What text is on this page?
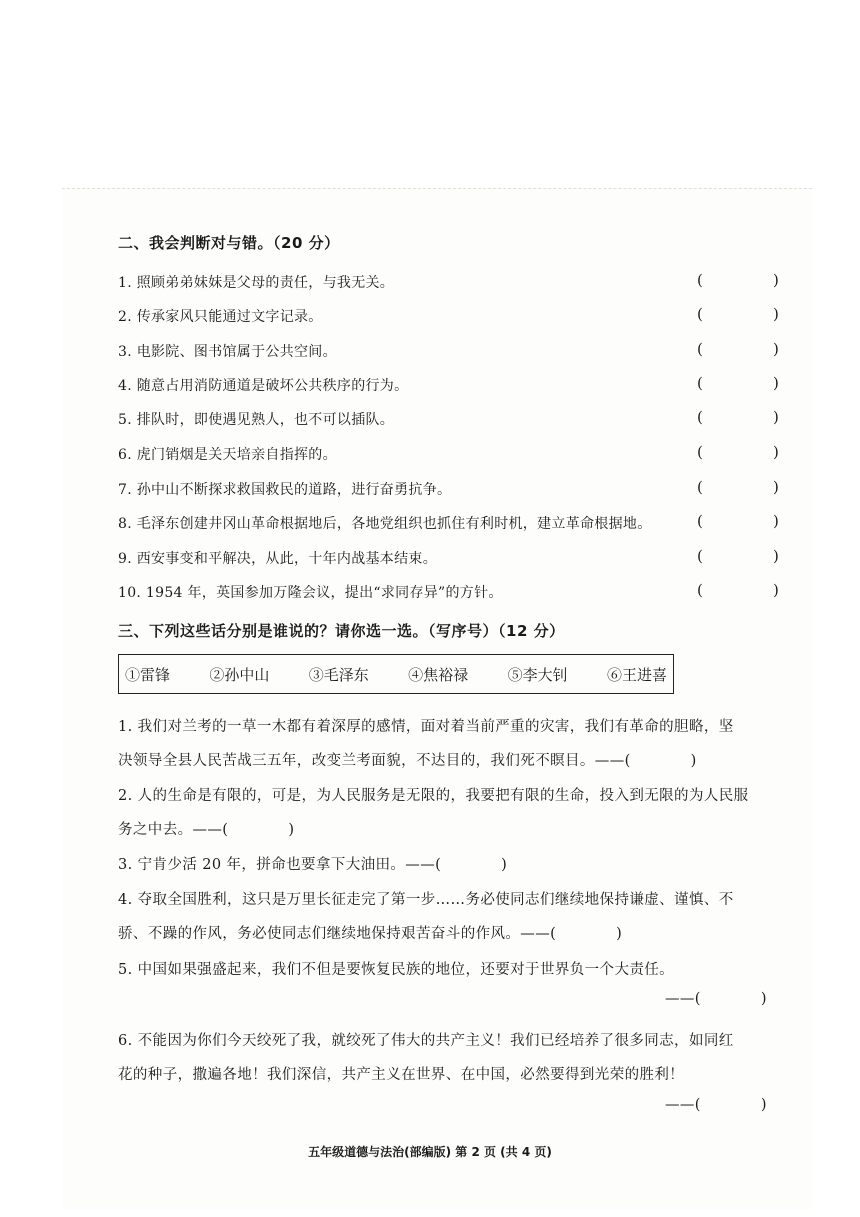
二、我会判断对与错。（20 分）
1. 照顾弟弟妹妹是父母的责任，与我无关。	(	)
2. 传承家风只能通过文字记录。	(	)
3. 电影院、图书馆属于公共空间。	(	)
4. 随意占用消防通道是破坏公共秩序的行为。	(	)
5. 排队时，即使遇见熟人，也不可以插队。	(	)
6. 虎门销烟是关天培亲自指挥的。	(	)
7. 孙中山不断探求救国救民的道路，进行奋勇抗争。	(	)
8. 毛泽东创建井冈山革命根据地后，各地党组织也抓住有利时机，建立革命根据地。	(	)
9. 西安事变和平解决，从此，十年内战基本结束。	(	)
10. 1954 年，英国参加万隆会议，提出“求同存异”的方针。	(	)
三、下列这些话分别是谁说的？请你选一选。（写序号）（12 分）
①雷锋	②孙中山	③毛泽东	④焦裕禄	⑤李大钊	⑥王进喜
1. 我们对兰考的一草一木都有着深厚的感情，面对着当前严重的灾害，我们有革命的胆略，坚
决领导全县人民苦战三五年，改变兰考面貌，不达目的，我们死不瞑目。——(	)
2. 人的生命是有限的，可是，为人民服务是无限的，我要把有限的生命，投入到无限的为人民服
务之中去。——(	)
3. 宁肯少活 20 年，拼命也要拿下大油田。——(	)
4. 夺取全国胜利，这只是万里长征走完了第一步……务必使同志们继续地保持谦虚、谨慎、不
骄、不躁的作风，务必使同志们继续地保持艰苦奋斗的作风。——(	)
5. 中国如果强盛起来，我们不但是要恢复民族的地位，还要对于世界负一个大责任。
——(	)
6. 不能因为你们今天绞死了我，就绞死了伟大的共产主义！我们已经培养了很多同志，如同红
花的种子，撒遍各地！我们深信，共产主义在世界、在中国，必然要得到光荣的胜利！
——(	)
五年级道德与法治(部编版) 第 2 页 (共 4 页)
